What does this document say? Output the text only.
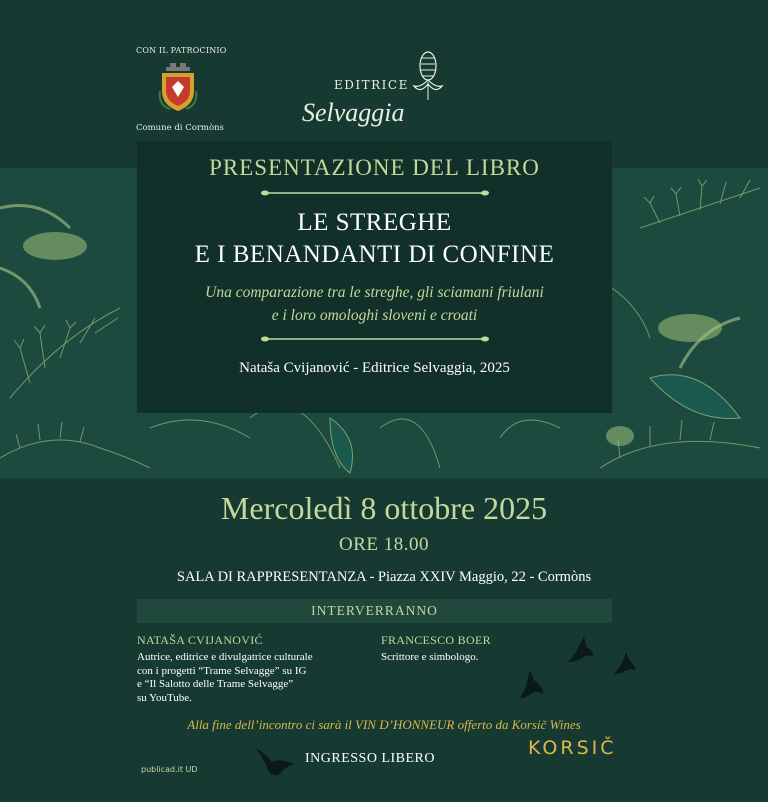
CON IL PATROCINIO
Comune di Cormòns
EDITRICE
Selvaggia
PRESENTAZIONE DEL LIBRO
LE STREGHE
E I BENANDANTI DI CONFINE
Una comparazione tra le streghe, gli sciamani friulani
e i loro omologhi sloveni e croati
Nataša Cvijanović - Editrice Selvaggia, 2025
Mercoledì 8 ottobre 2025
ORE 18.00
SALA DI RAPPRESENTANZA - Piazza XXIV Maggio, 22 - Cormòns
INTERVERRANNO
NATAŠA CVIJANOVIĆ
Autrice, editrice e divulgatrice culturale
con i progetti “Trame Selvagge” su IG
e “Il Salotto delle Trame Selvagge”
su YouTube.
FRANCESCO BOER
Scrittore e simbologo.
Alla fine dell’incontro ci sarà il VIN D’HONNEUR offerto da Korsič Wines
INGRESSO LIBERO	KORSIČ
publicad.it UD
